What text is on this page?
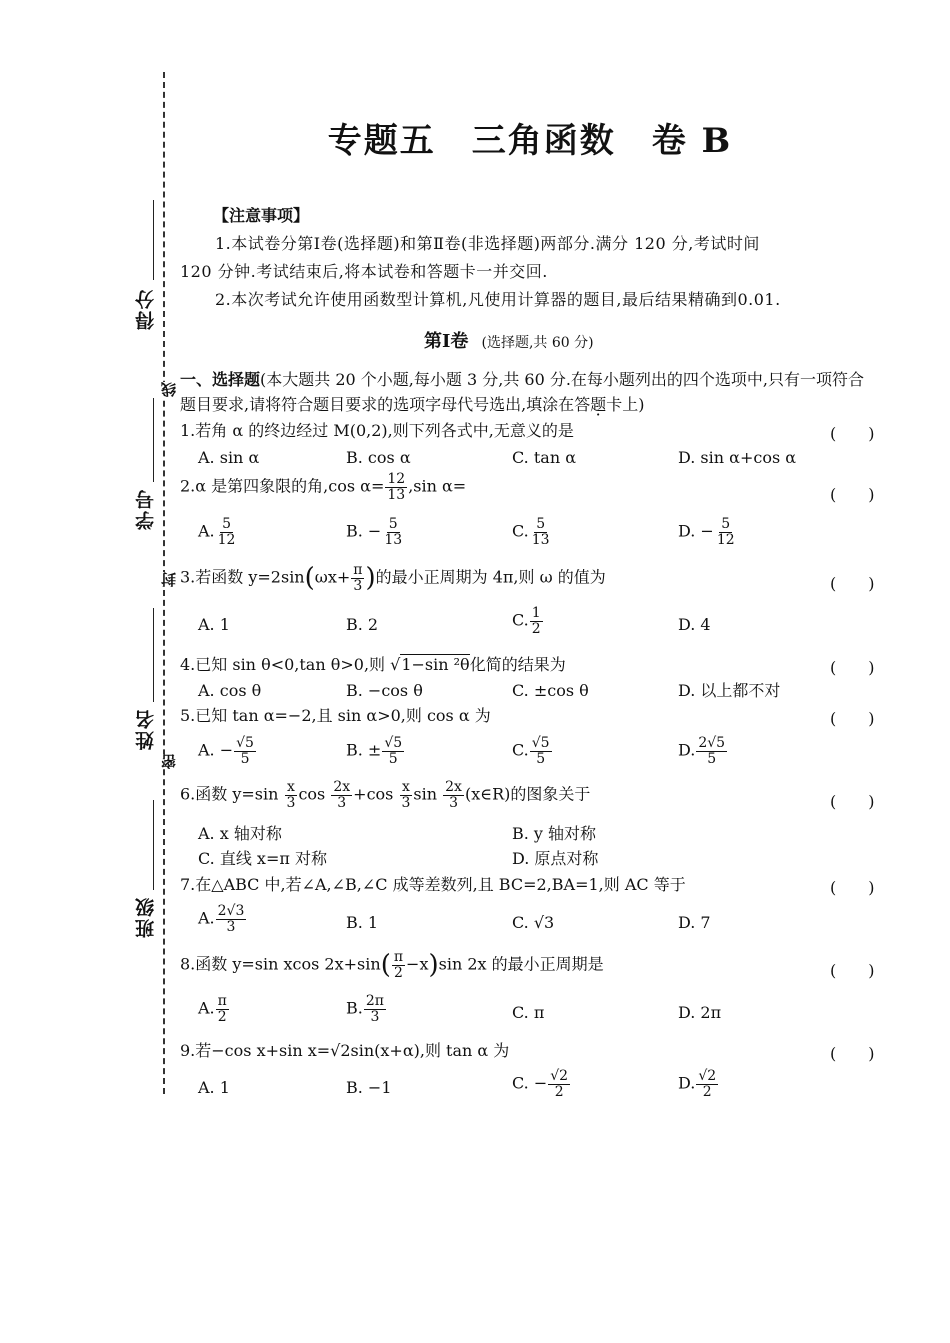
得分
线
学号
封
姓名
密
班级
专题五　三角函数　卷 B
【注意事项】
1.本试卷分第Ⅰ卷(选择题)和第Ⅱ卷(非选择题)两部分.满分 120 分,考试时间
120 分钟.考试结束后,将本试卷和答题卡一并交回.
2.本次考试允许使用函数型计算机,凡使用计算器的题目,最后结果精确到0.01.
第Ⅰ卷 (选择题,共 60 分)
一、选择题(本大题共 20 个小题,每小题 3 分,共 60 分.在每小题列出的四个选项中,只有一项符合
题目要求,请将符合题目要求的选项字母代号选出,填涂在答题卡上)
1.若角 α 的终边经过 M(0,2),则下列各式中,无意义的是	(　　)
A. sin α	B. cos α	C. tan α	D. sin α+cos α
2.α 是第四象限的角,cos $\alpha= \frac{12}{13} ,\sin$ α=	(　　)
A. $\frac{5}{12}$	B. − $\frac{5}{13}$	C. $\frac{5}{13}$	D. − $\frac{5}{12}$
3.若函数 $y=2\sin(\omega x+ \frac{\pi}{3}$ )的最小正周期为 4π,则 ω 的值为	(　　)
A. 1	B. 2	C. $\frac{1}{2}$	D. 4
4.已知 sin θ<0,tan θ>0,则 √1−sin ²θ化简的结果为	(　　)
A. cos θ	B. −cos θ	C. ±cos θ	D. 以上都不对
5.已知 tan α=−2,且 sin α>0,则 cos α 为	(　　)
A. − $\frac{√5}{5}$	B. ± $\frac{√5}{5}$	C. $\frac{√5}{5}$	D. $\frac{2√5}{5}$
6.函数 $y=\sin \frac{x}{3}$ $\cos \frac{2x}{3} +\cos \frac{x}{3}$ $\sin \frac{2x}{3}$ (x∈R)的图象关于	(　　)
A. x 轴对称	B. y 轴对称
C. 直线 x=π 对称	D. 原点对称
7.在△ABC 中,若∠A,∠B,∠C 成等差数列,且 BC=2,BA=1,则 AC 等于	(　　)
A. $\frac{2√3}{3}$	B. 1	C. √3	D. 7
8.函数 y=sin xcos $2x+\sin( \frac{\pi}{2} -x)\sin$ 2x 的最小正周期是	(　　)
A. $\frac{\pi}{2}$	B. $\frac{2\pi}{3}$	C. π	D. 2π
9.若−cos x+sin x=√2sin(x+α),则 tan α 为	(　　)
A. 1	B. −1	C. − $\frac{√2}{2}$	D. $\frac{√2}{2}$
